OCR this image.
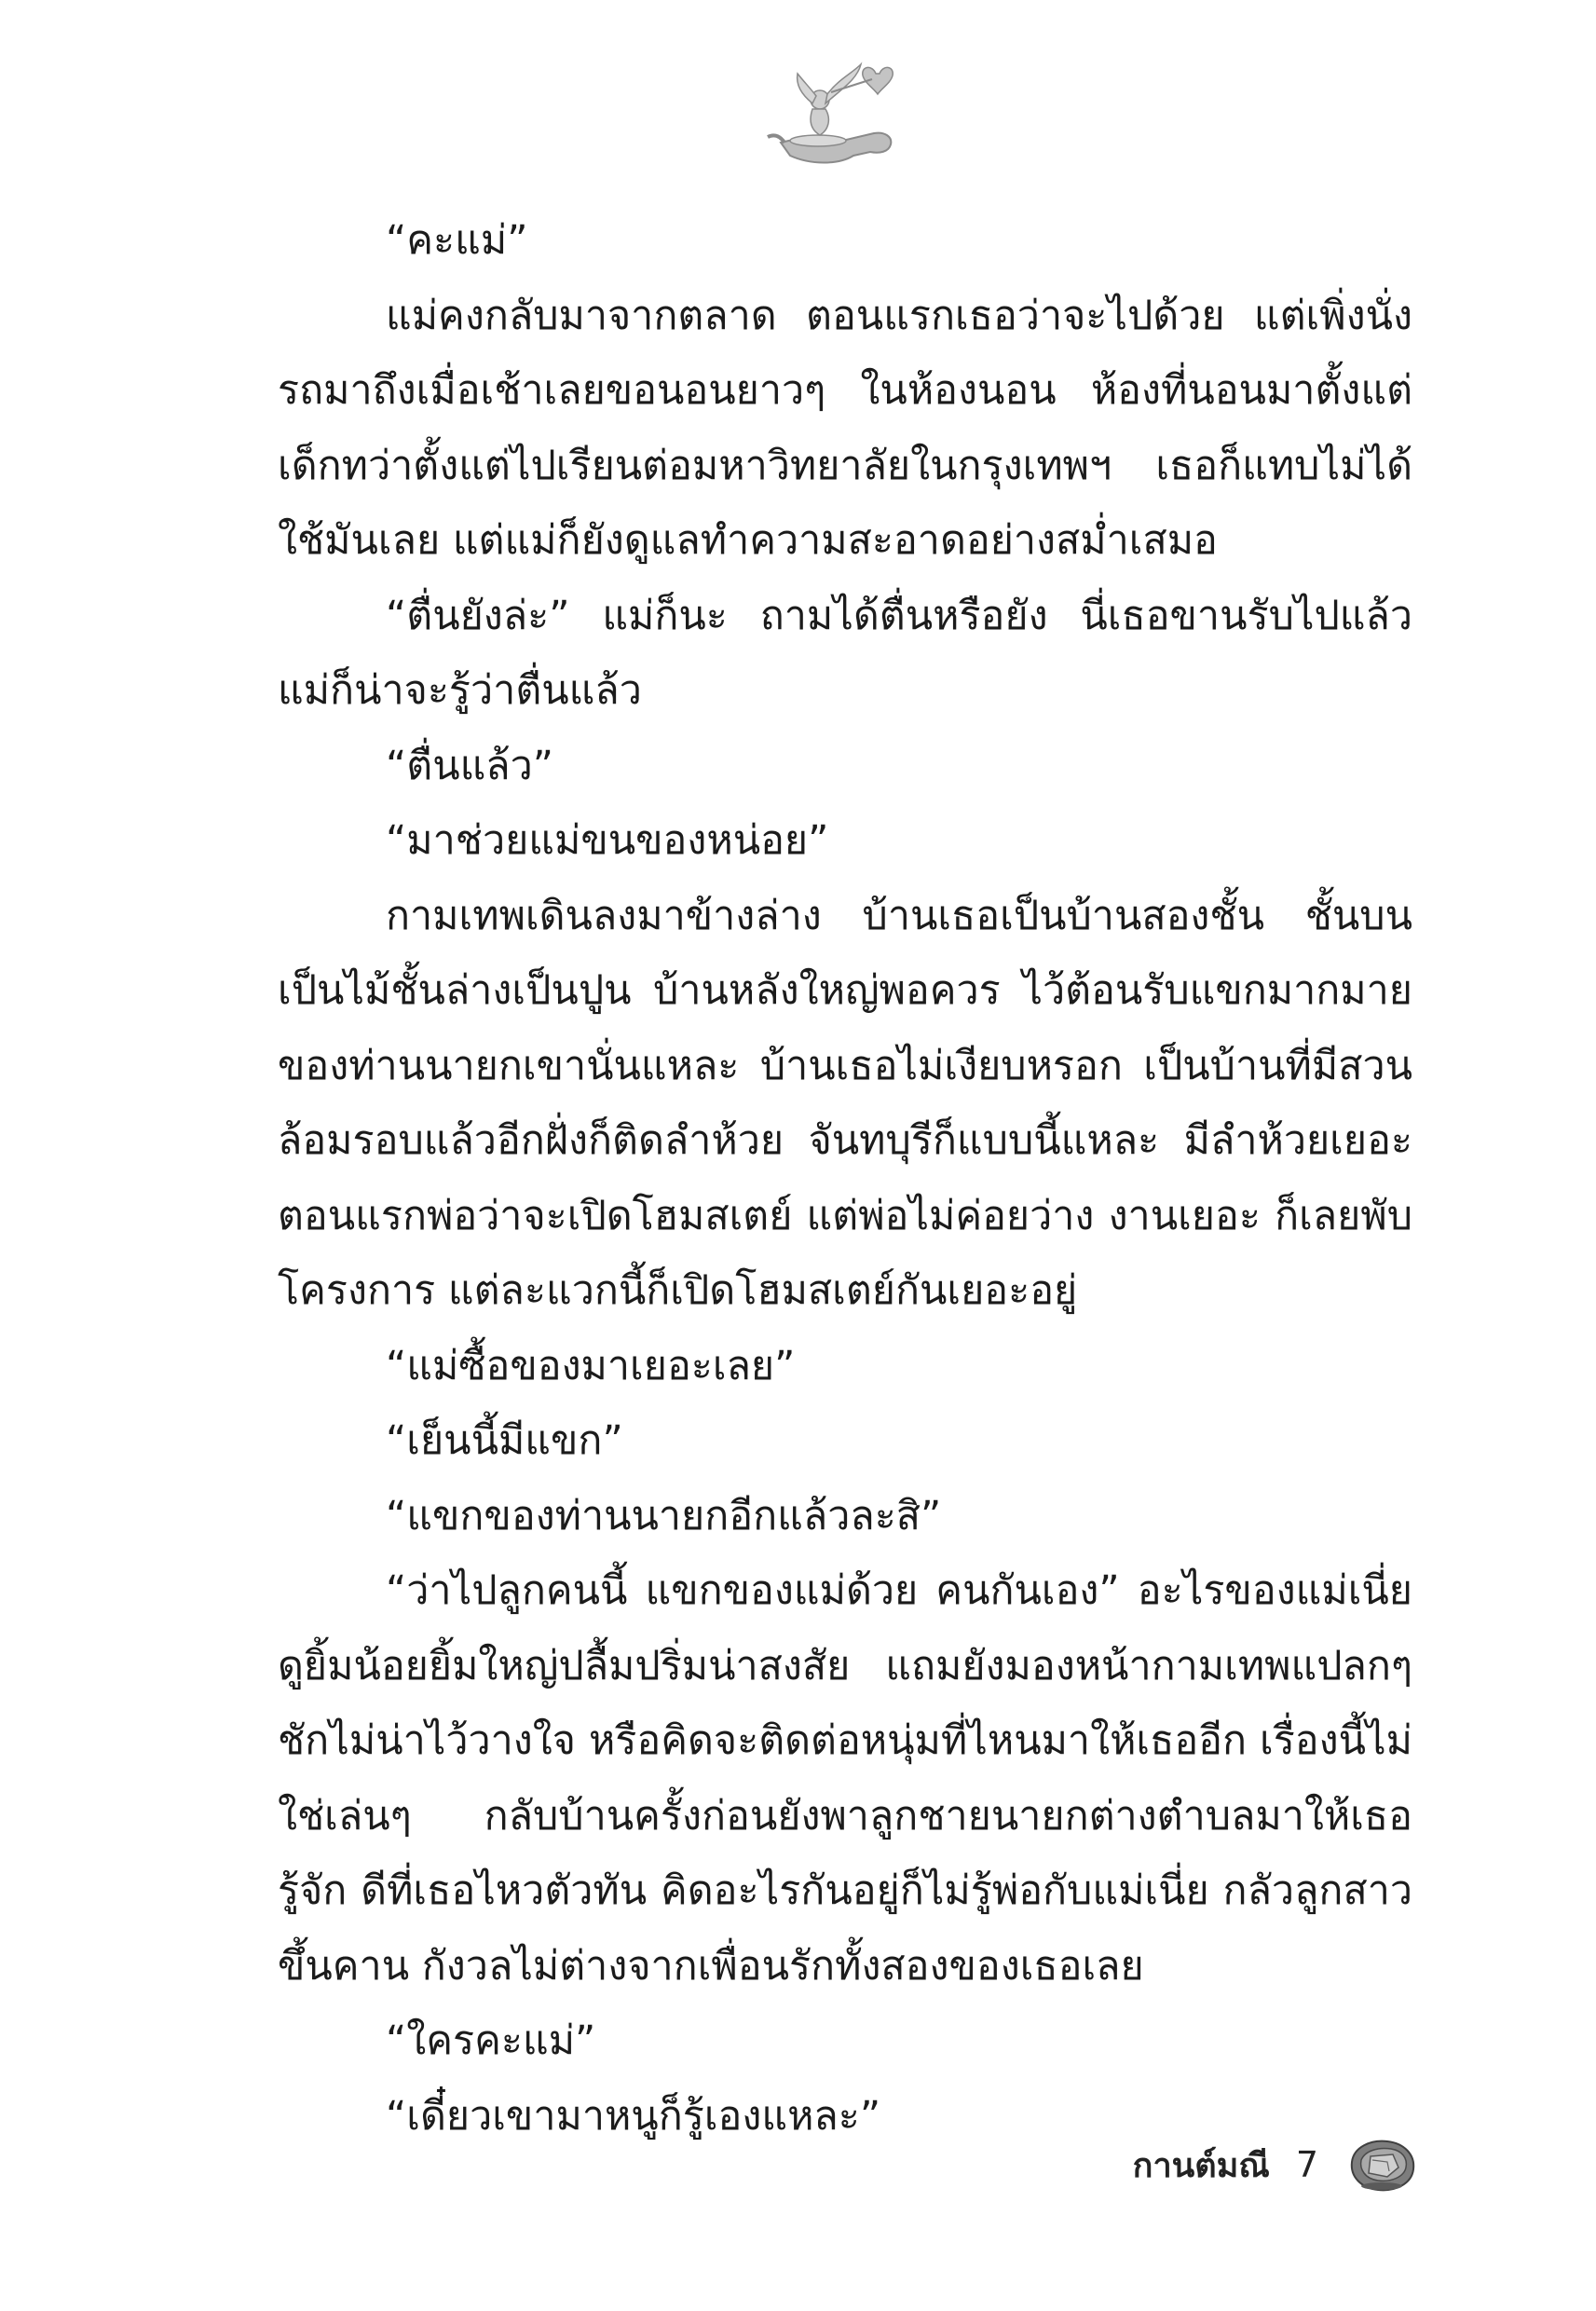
“คะแม่”

แม่คงกลับมาจากตลาด ตอนแรกเธอว่าจะไปด้วย แต่เพิ่งนั่งรถมาถึงเมื่อเช้าเลยขอนอนยาวๆ ในห้องนอน ห้องที่นอนมาตั้งแต่เด็กทว่าตั้งแต่ไปเรียนต่อมหาวิทยาลัยในกรุงเทพฯ เธอก็แทบไม่ได้ใช้มันเลย แต่แม่ก็ยังดูแลทำความสะอาดอย่างสม่ำเสมอ

“ตื่นยังล่ะ” แม่ก็นะ ถามได้ตื่นหรือยัง นี่เธอขานรับไปแล้ว แม่ก็น่าจะรู้ว่าตื่นแล้ว

“ตื่นแล้ว”

“มาช่วยแม่ขนของหน่อย”

กามเทพเดินลงมาข้างล่าง บ้านเธอเป็นบ้านสองชั้น ชั้นบนเป็นไม้ชั้นล่างเป็นปูน บ้านหลังใหญ่พอควร ไว้ต้อนรับแขกมากมายของท่านนายกเขานั่นแหละ บ้านเธอไม่เงียบหรอก เป็นบ้านที่มีสวนล้อมรอบแล้วอีกฝั่งก็ติดลำห้วย จันทบุรีก็แบบนี้แหละ มีลำห้วยเยอะ ตอนแรกพ่อว่าจะเปิดโฮมสเตย์ แต่พ่อไม่ค่อยว่าง งานเยอะ ก็เลยพับโครงการ แต่ละแวกนี้ก็เปิดโฮมสเตย์กันเยอะอยู่

“แม่ซื้อของมาเยอะเลย”

“เย็นนี้มีแขก”

“แขกของท่านนายกอีกแล้วละสิ”

“ว่าไปลูกคนนี้ แขกของแม่ด้วย คนกันเอง” อะไรของแม่เนี่ย ดูยิ้มน้อยยิ้มใหญ่ปลื้มปริ่มน่าสงสัย แถมยังมองหน้ากามเทพแปลกๆ ชักไม่น่าไว้วางใจ หรือคิดจะติดต่อหนุ่มที่ไหนมาให้เธออีก เรื่องนี้ไม่ใช่เล่นๆ กลับบ้านครั้งก่อนยังพาลูกชายนายกต่างตำบลมาให้เธอรู้จัก ดีที่เธอไหวตัวทัน คิดอะไรกันอยู่ก็ไม่รู้พ่อกับแม่เนี่ย กลัวลูกสาวขึ้นคาน กังวลไม่ต่างจากเพื่อนรักทั้งสองของเธอเลย

“ใครคะแม่”

“เดี๋ยวเขามาหนูก็รู้เองแหละ”

กานต์มณี 7
